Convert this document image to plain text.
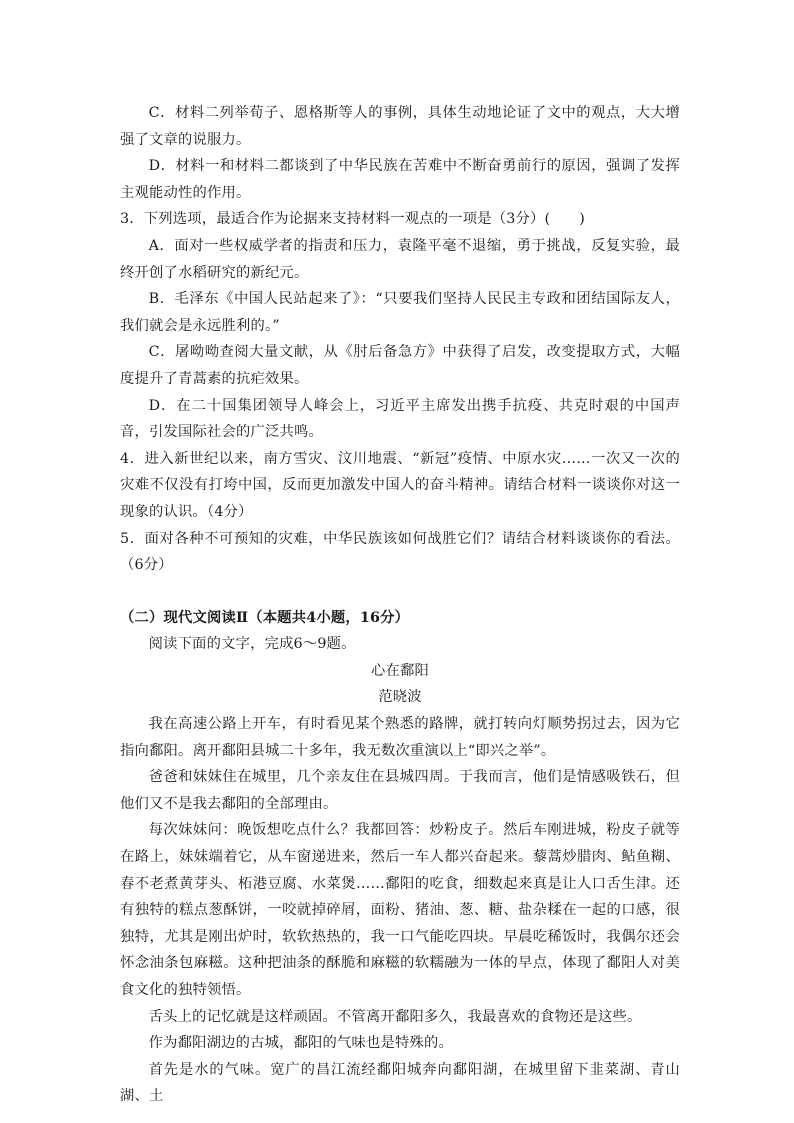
C．材料二列举荀子、恩格斯等人的事例，具体生动地论证了文中的观点，大大增强了文章的说服力。

D．材料一和材料二都谈到了中华民族在苦难中不断奋勇前行的原因，强调了发挥主观能动性的作用。

3．下列选项，最适合作为论据来支持材料一观点的一项是（3分）(　　)

A．面对一些权威学者的指责和压力，袁隆平毫不退缩，勇于挑战，反复实验，最终开创了水稻研究的新纪元。

B．毛泽东《中国人民站起来了》：“只要我们坚持人民民主专政和团结国际友人，我们就会是永远胜利的。”

C．屠呦呦查阅大量文献，从《肘后备急方》中获得了启发，改变提取方式，大幅度提升了青蒿素的抗疟效果。

D．在二十国集团领导人峰会上，习近平主席发出携手抗疫、共克时艰的中国声音，引发国际社会的广泛共鸣。

4．进入新世纪以来，南方雪灾、汶川地震、“新冠”疫情、中原水灾……一次又一次的灾难不仅没有打垮中国，反而更加激发中国人的奋斗精神。请结合材料一谈谈你对这一现象的认识。（4分）

5．面对各种不可预知的灾难，中华民族该如何战胜它们？请结合材料谈谈你的看法。（6分）

（二）现代文阅读Ⅱ（本题共4小题，16分）

阅读下面的文字，完成6～9题。

心在鄱阳

范晓波

我在高速公路上开车，有时看见某个熟悉的路牌，就打转向灯顺势拐过去，因为它指向鄱阳。离开鄱阳县城二十多年，我无数次重演以上“即兴之举”。

爸爸和妹妹住在城里，几个亲友住在县城四周。于我而言，他们是情感吸铁石，但他们又不是我去鄱阳的全部理由。

每次妹妹问：晚饭想吃点什么？我都回答：炒粉皮子。然后车刚进城，粉皮子就等在路上，妹妹端着它，从车窗递进来，然后一车人都兴奋起来。藜蒿炒腊肉、鲇鱼糊、春不老煮黄芽头、柘港豆腐、水菜煲……鄱阳的吃食，细数起来真是让人口舌生津。还有独特的糕点葱酥饼，一咬就掉碎屑，面粉、猪油、葱、糖、盐杂糅在一起的口感，很独特，尤其是刚出炉时，软软热热的，我一口气能吃四块。早晨吃稀饭时，我偶尔还会怀念油条包麻糍。这种把油条的酥脆和麻糍的软糯融为一体的早点，体现了鄱阳人对美食文化的独特领悟。

舌头上的记忆就是这样顽固。不管离开鄱阳多久，我最喜欢的食物还是这些。

作为鄱阳湖边的古城，鄱阳的气味也是特殊的。

首先是水的气味。宽广的昌江流经鄱阳城奔向鄱阳湖，在城里留下韭菜湖、青山湖、土
